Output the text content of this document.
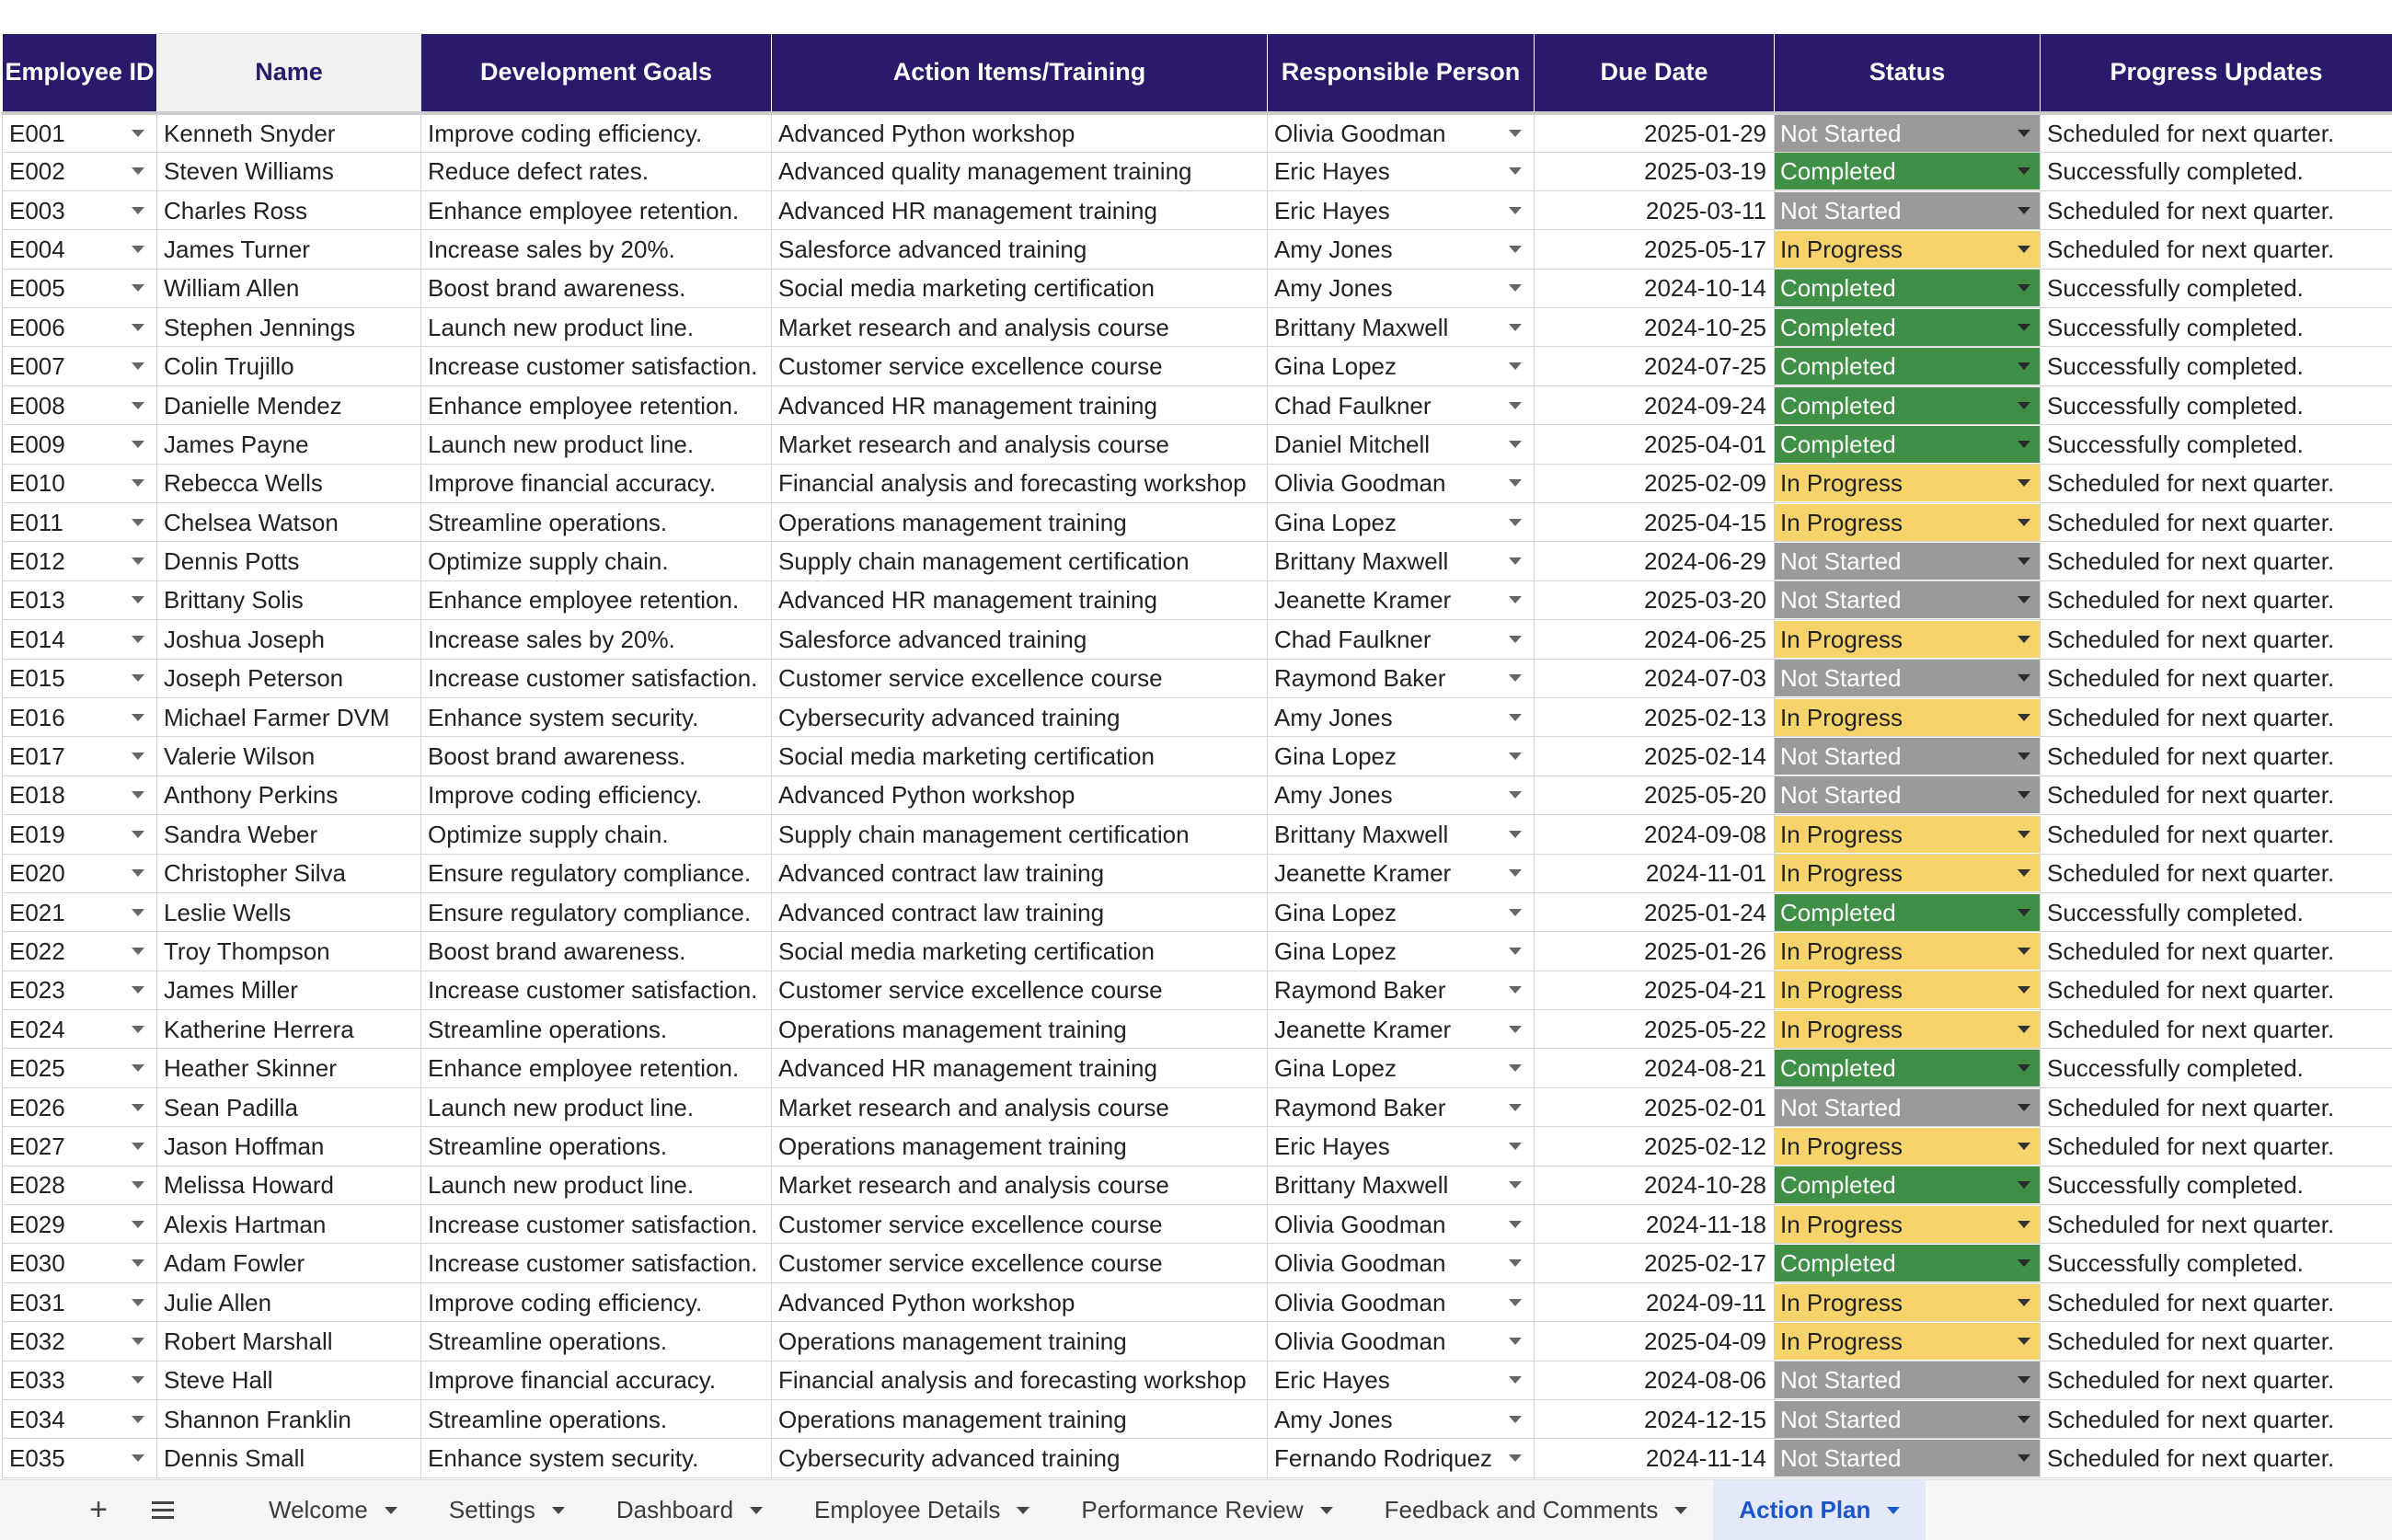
Employee ID	Name	Development Goals	Action Items/Training	Responsible Person	Due Date	Status	Progress Updates

E001	Kenneth Snyder	Improve coding efficiency.	Advanced Python workshop	Olivia Goodman	2025-01-29	Not Started	Scheduled for next quarter.

E002	Steven Williams	Reduce defect rates.	Advanced quality management training	Eric Hayes	2025-03-19	Completed	Successfully completed.

E003	Charles Ross	Enhance employee retention.	Advanced HR management training	Eric Hayes	2025-03-11	Not Started	Scheduled for next quarter.

E004	James Turner	Increase sales by 20%.	Salesforce advanced training	Amy Jones	2025-05-17	In Progress	Scheduled for next quarter.

E005	William Allen	Boost brand awareness.	Social media marketing certification	Amy Jones	2024-10-14	Completed	Successfully completed.

E006	Stephen Jennings	Launch new product line.	Market research and analysis course	Brittany Maxwell	2024-10-25	Completed	Successfully completed.

E007	Colin Trujillo	Increase customer satisfaction.	Customer service excellence course	Gina Lopez	2024-07-25	Completed	Successfully completed.

E008	Danielle Mendez	Enhance employee retention.	Advanced HR management training	Chad Faulkner	2024-09-24	Completed	Successfully completed.

E009	James Payne	Launch new product line.	Market research and analysis course	Daniel Mitchell	2025-04-01	Completed	Successfully completed.

E010	Rebecca Wells	Improve financial accuracy.	Financial analysis and forecasting workshop	Olivia Goodman	2025-02-09	In Progress	Scheduled for next quarter.

E011	Chelsea Watson	Streamline operations.	Operations management training	Gina Lopez	2025-04-15	In Progress	Scheduled for next quarter.

E012	Dennis Potts	Optimize supply chain.	Supply chain management certification	Brittany Maxwell	2024-06-29	Not Started	Scheduled for next quarter.

E013	Brittany Solis	Enhance employee retention.	Advanced HR management training	Jeanette Kramer	2025-03-20	Not Started	Scheduled for next quarter.

E014	Joshua Joseph	Increase sales by 20%.	Salesforce advanced training	Chad Faulkner	2024-06-25	In Progress	Scheduled for next quarter.

E015	Joseph Peterson	Increase customer satisfaction.	Customer service excellence course	Raymond Baker	2024-07-03	Not Started	Scheduled for next quarter.

E016	Michael Farmer DVM	Enhance system security.	Cybersecurity advanced training	Amy Jones	2025-02-13	In Progress	Scheduled for next quarter.

E017	Valerie Wilson	Boost brand awareness.	Social media marketing certification	Gina Lopez	2025-02-14	Not Started	Scheduled for next quarter.

E018	Anthony Perkins	Improve coding efficiency.	Advanced Python workshop	Amy Jones	2025-05-20	Not Started	Scheduled for next quarter.

E019	Sandra Weber	Optimize supply chain.	Supply chain management certification	Brittany Maxwell	2024-09-08	In Progress	Scheduled for next quarter.

E020	Christopher Silva	Ensure regulatory compliance.	Advanced contract law training	Jeanette Kramer	2024-11-01	In Progress	Scheduled for next quarter.

E021	Leslie Wells	Ensure regulatory compliance.	Advanced contract law training	Gina Lopez	2025-01-24	Completed	Successfully completed.

E022	Troy Thompson	Boost brand awareness.	Social media marketing certification	Gina Lopez	2025-01-26	In Progress	Scheduled for next quarter.

E023	James Miller	Increase customer satisfaction.	Customer service excellence course	Raymond Baker	2025-04-21	In Progress	Scheduled for next quarter.

E024	Katherine Herrera	Streamline operations.	Operations management training	Jeanette Kramer	2025-05-22	In Progress	Scheduled for next quarter.

E025	Heather Skinner	Enhance employee retention.	Advanced HR management training	Gina Lopez	2024-08-21	Completed	Successfully completed.

E026	Sean Padilla	Launch new product line.	Market research and analysis course	Raymond Baker	2025-02-01	Not Started	Scheduled for next quarter.

E027	Jason Hoffman	Streamline operations.	Operations management training	Eric Hayes	2025-02-12	In Progress	Scheduled for next quarter.

E028	Melissa Howard	Launch new product line.	Market research and analysis course	Brittany Maxwell	2024-10-28	Completed	Successfully completed.

E029	Alexis Hartman	Increase customer satisfaction.	Customer service excellence course	Olivia Goodman	2024-11-18	In Progress	Scheduled for next quarter.

E030	Adam Fowler	Increase customer satisfaction.	Customer service excellence course	Olivia Goodman	2025-02-17	Completed	Successfully completed.

E031	Julie Allen	Improve coding efficiency.	Advanced Python workshop	Olivia Goodman	2024-09-11	In Progress	Scheduled for next quarter.

E032	Robert Marshall	Streamline operations.	Operations management training	Olivia Goodman	2025-04-09	In Progress	Scheduled for next quarter.

E033	Steve Hall	Improve financial accuracy.	Financial analysis and forecasting workshop	Eric Hayes	2024-08-06	Not Started	Scheduled for next quarter.

E034	Shannon Franklin	Streamline operations.	Operations management training	Amy Jones	2024-12-15	Not Started	Scheduled for next quarter.

E035	Dennis Small	Enhance system security.	Cybersecurity advanced training	Fernando Rodriquez	2024-11-14	Not Started	Scheduled for next quarter.
+	Welcome	Settings	Dashboard	Employee Details	Performance Review	Feedback and Comments	Action Plan
